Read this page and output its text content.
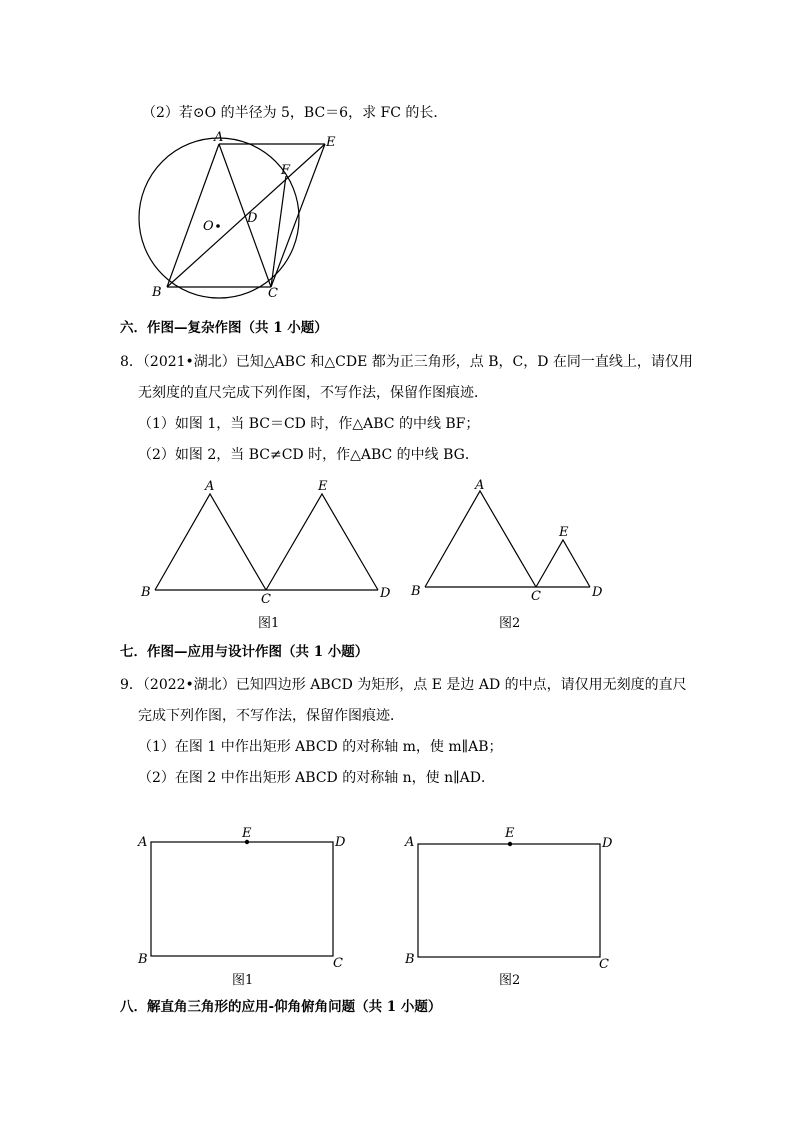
（2）若⊙O 的半径为 5，BC＝6，求 FC 的长．
六．作图—复杂作图（共 1 小题）
8．（2021•湖北）已知△ABC 和△CDE 都为正三角形，点 B，C，D 在同一直线上，请仅用
无刻度的直尺完成下列作图，不写作法，保留作图痕迹．
（1）如图 1，当 BC＝CD 时，作△ABC 的中线 BF；
（2）如图 2，当 BC≠CD 时，作△ABC 的中线 BG．
七．作图—应用与设计作图（共 1 小题）
9．（2022•湖北）已知四边形 ABCD 为矩形，点 E 是边 AD 的中点，请仅用无刻度的直尺
完成下列作图，不写作法，保留作图痕迹．
（1）在图 1 中作出矩形 ABCD 的对称轴 m，使 m∥AB；
（2）在图 2 中作出矩形 ABCD 的对称轴 n，使 n∥AD．
八．解直角三角形的应用-仰角俯角问题（共 1 小题）
A	E
F
O
D
B	C
A	E
B	C	D
图1
A
E
B	C	D
图2
A
E
D
B	C
图1
A
E
D
B	C
图2
